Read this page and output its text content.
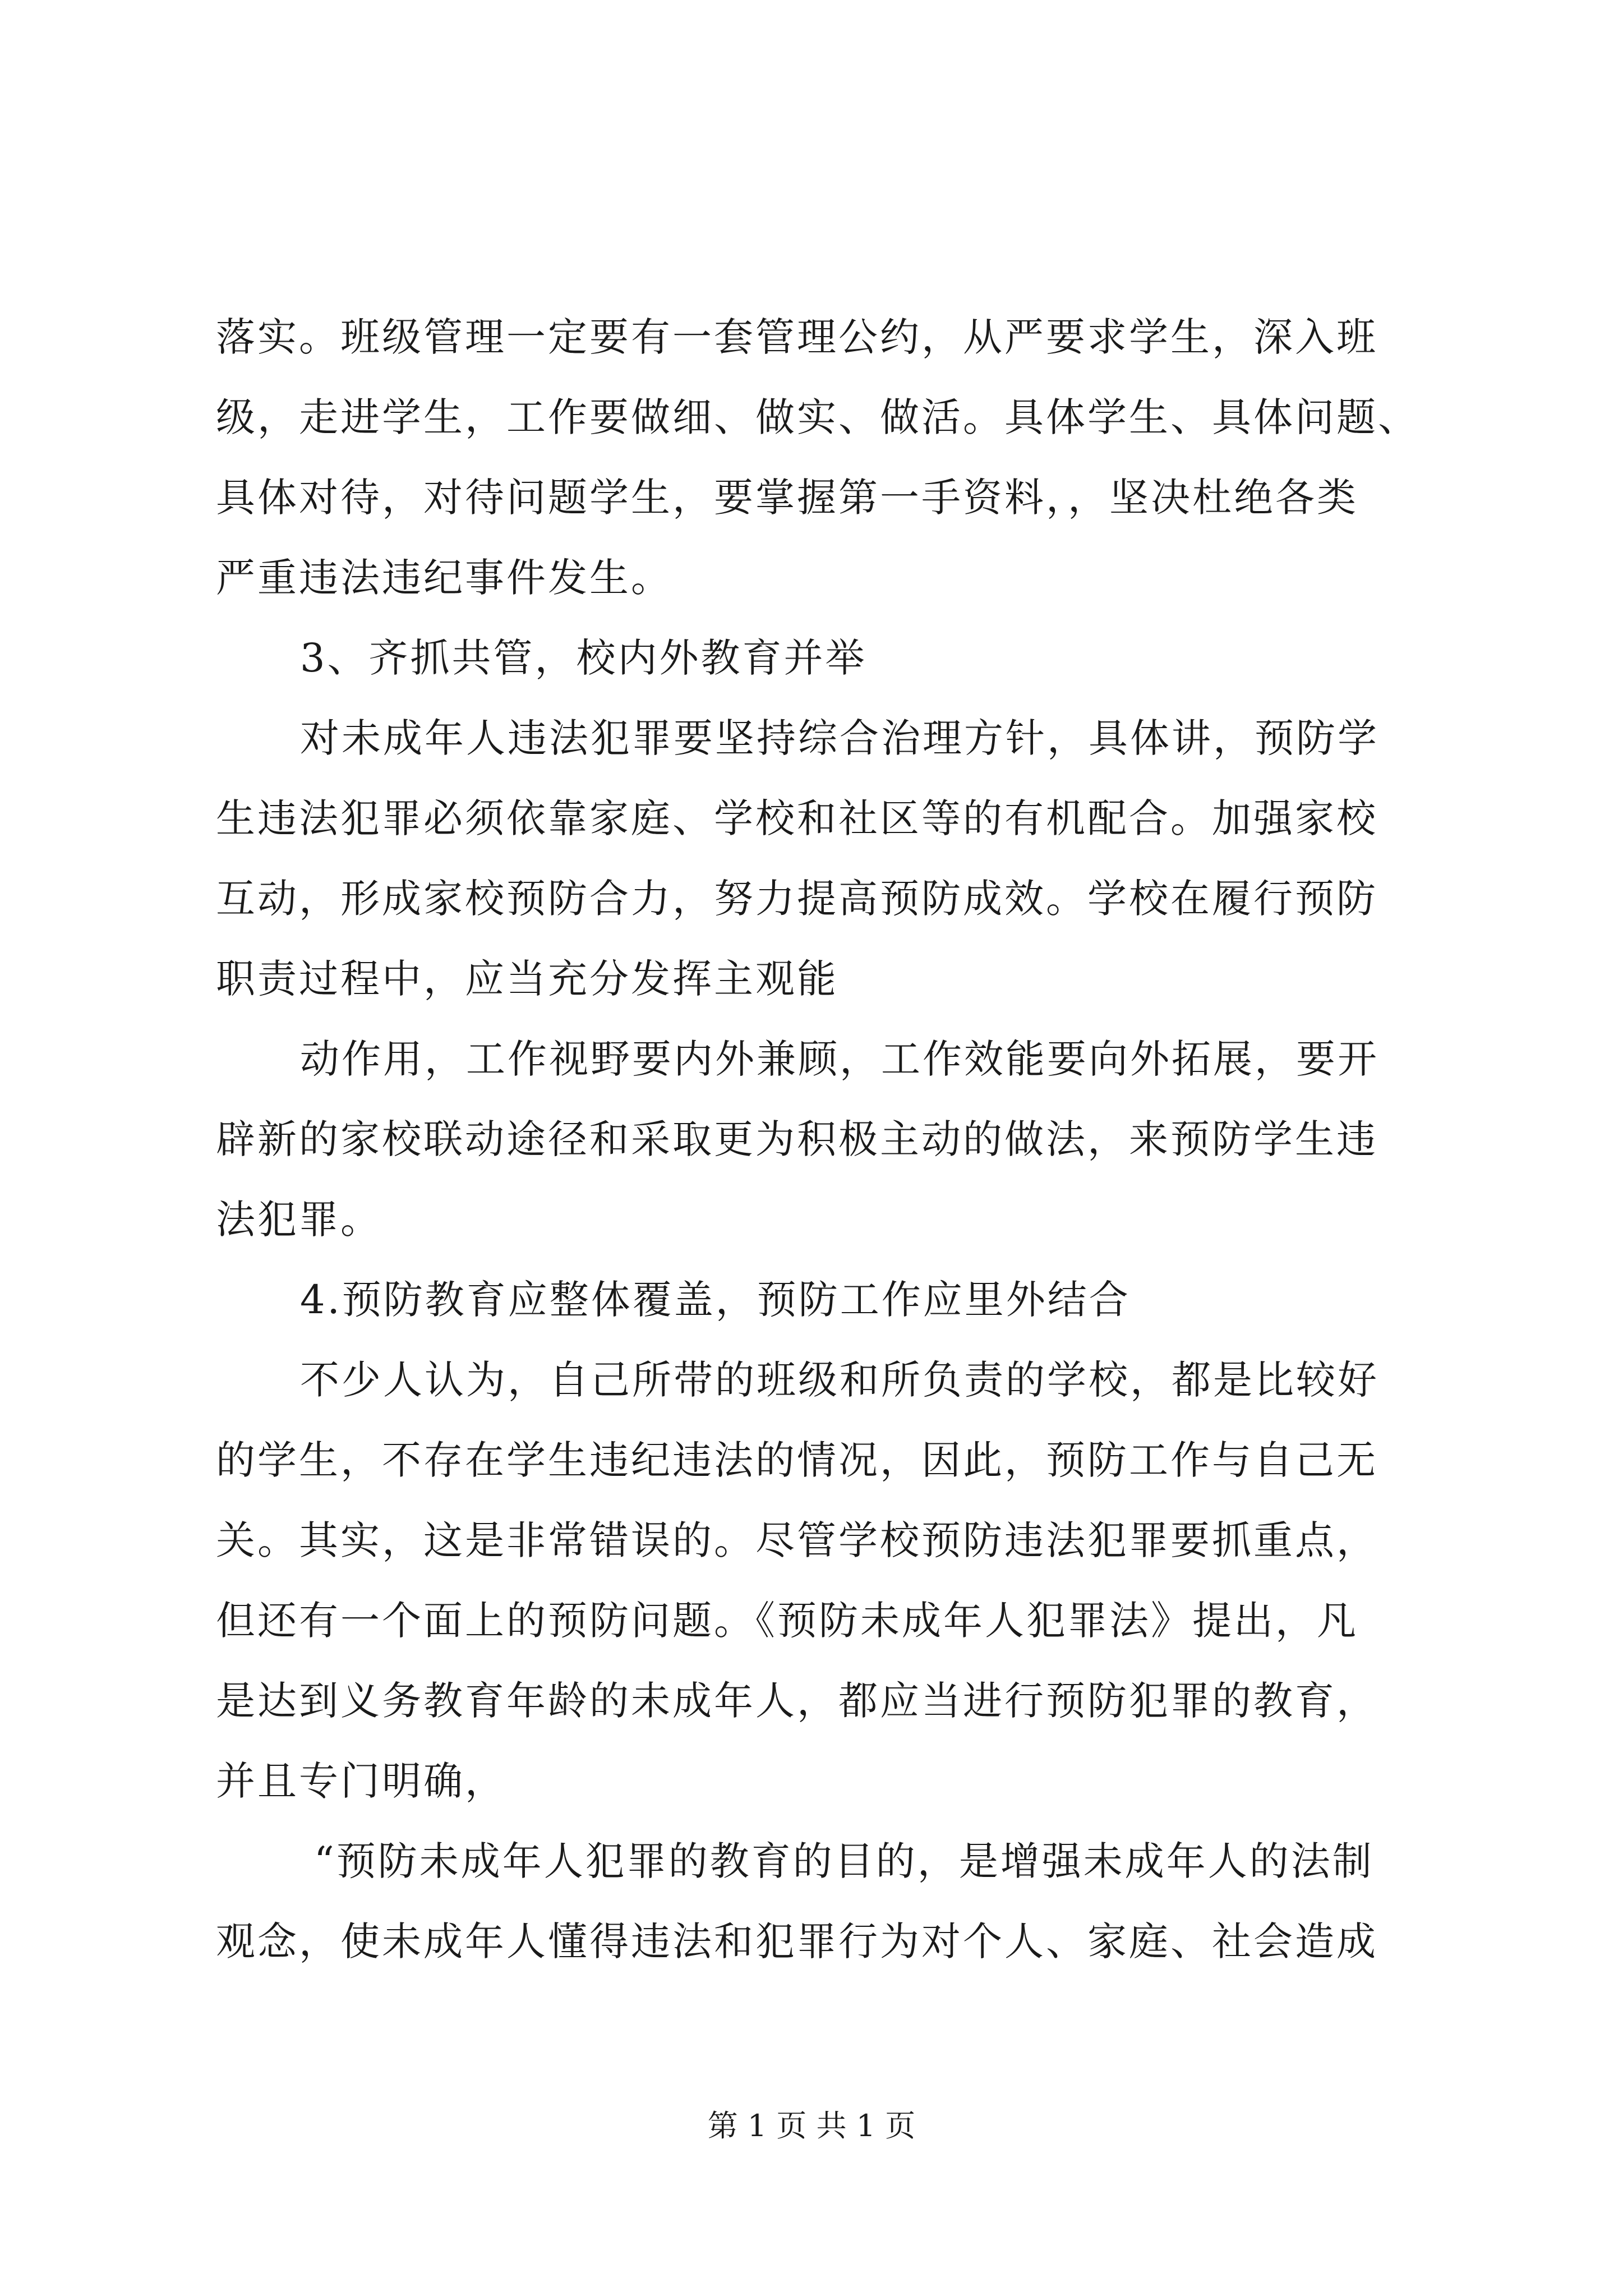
落实。班级管理一定要有一套管理公约，从严要求学生，深入班
级，走进学生，工作要做细、做实、做活。具体学生、具体问题、
具体对待，对待问题学生，要掌握第一手资料，，坚决杜绝各类
严重违法违纪事件发生。
3、齐抓共管，校内外教育并举
对未成年人违法犯罪要坚持综合治理方针，具体讲，预防学
生违法犯罪必须依靠家庭、学校和社区等的有机配合。加强家校
互动，形成家校预防合力，努力提高预防成效。学校在履行预防
职责过程中，应当充分发挥主观能
动作用，工作视野要内外兼顾，工作效能要向外拓展，要开
辟新的家校联动途径和采取更为积极主动的做法，来预防学生违
法犯罪。
4.预防教育应整体覆盖，预防工作应里外结合
不少人认为，自己所带的班级和所负责的学校，都是比较好
的学生，不存在学生违纪违法的情况，因此，预防工作与自己无
关。其实，这是非常错误的。尽管学校预防违法犯罪要抓重点，
但还有一个面上的预防问题。《预防未成年人犯罪法》提出，凡
是达到义务教育年龄的未成年人，都应当进行预防犯罪的教育，
并且专门明确，
“预防未成年人犯罪的教育的目的，是增强未成年人的法制
观念，使未成年人懂得违法和犯罪行为对个人、家庭、社会造成
第 1 页 共 1 页
